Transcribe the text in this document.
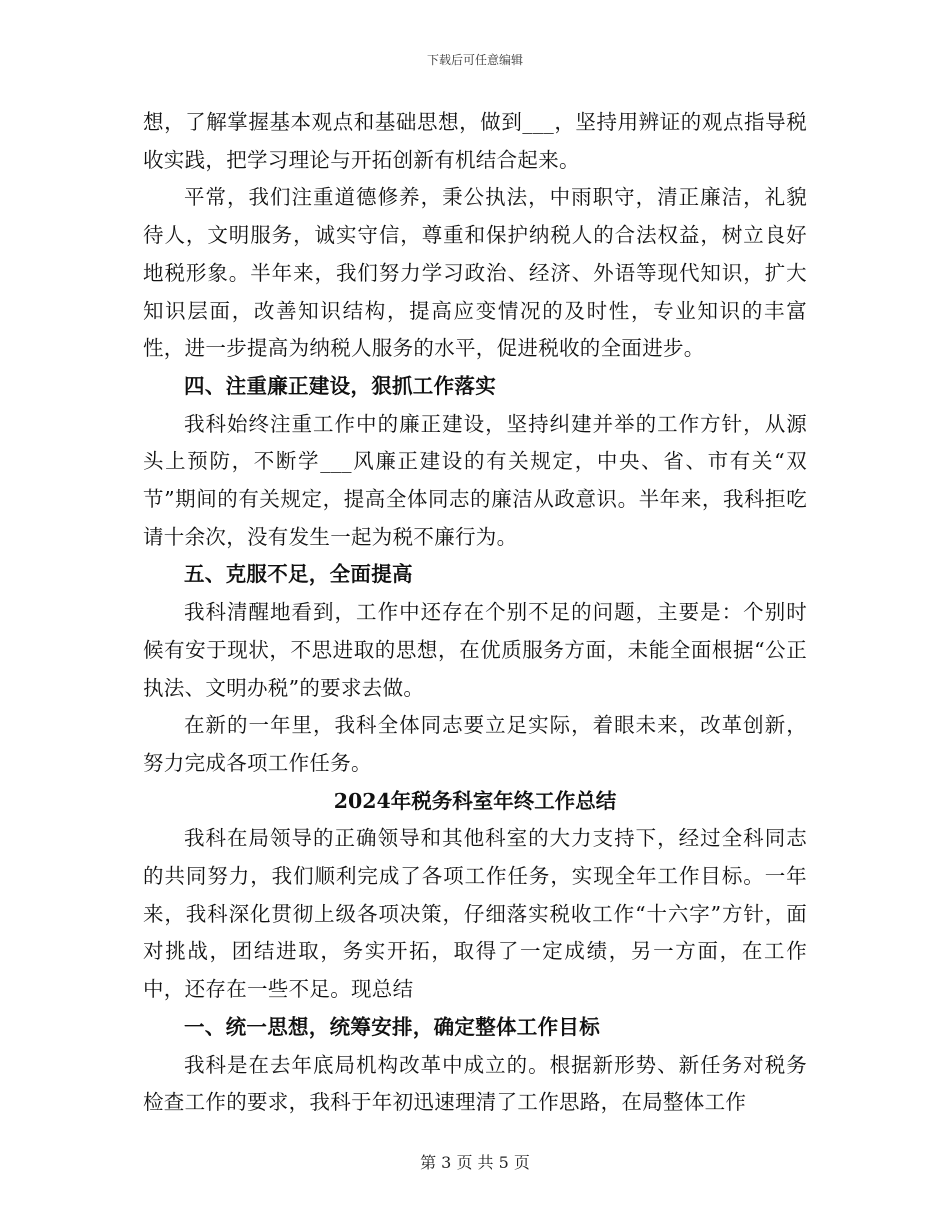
下载后可任意编辑

想，了解掌握基本观点和基础思想，做到___，坚持用辨证的观点指导税收实践，把学习理论与开拓创新有机结合起来。

平常，我们注重道德修养，秉公执法，中雨职守，清正廉洁，礼貌待人，文明服务，诚实守信，尊重和保护纳税人的合法权益，树立良好地税形象。半年来，我们努力学习政治、经济、外语等现代知识，扩大知识层面，改善知识结构，提高应变情况的及时性，专业知识的丰富性，进一步提高为纳税人服务的水平，促进税收的全面进步。

四、注重廉正建设，狠抓工作落实

我科始终注重工作中的廉正建设，坚持纠建并举的工作方针，从源头上预防，不断学___风廉正建设的有关规定，中央、省、市有关“双节”期间的有关规定，提高全体同志的廉洁从政意识。半年来，我科拒吃请十余次，没有发生一起为税不廉行为。

五、克服不足，全面提高

我科清醒地看到，工作中还存在个别不足的问题，主要是：个别时候有安于现状，不思进取的思想，在优质服务方面，未能全面根据“公正执法、文明办税”的要求去做。

在新的一年里，我科全体同志要立足实际，着眼未来，改革创新，努力完成各项工作任务。

2024年税务科室年终工作总结

我科在局领导的正确领导和其他科室的大力支持下，经过全科同志的共同努力，我们顺利完成了各项工作任务，实现全年工作目标。一年来，我科深化贯彻上级各项决策，仔细落实税收工作“十六字”方针，面对挑战，团结进取，务实开拓，取得了一定成绩，另一方面，在工作中，还存在一些不足。现总结

一、统一思想，统筹安排，确定整体工作目标

我科是在去年底局机构改革中成立的。根据新形势、新任务对税务检查工作的要求，我科于年初迅速理清了工作思路，在局整体工作

第 3 页 共 5 页
